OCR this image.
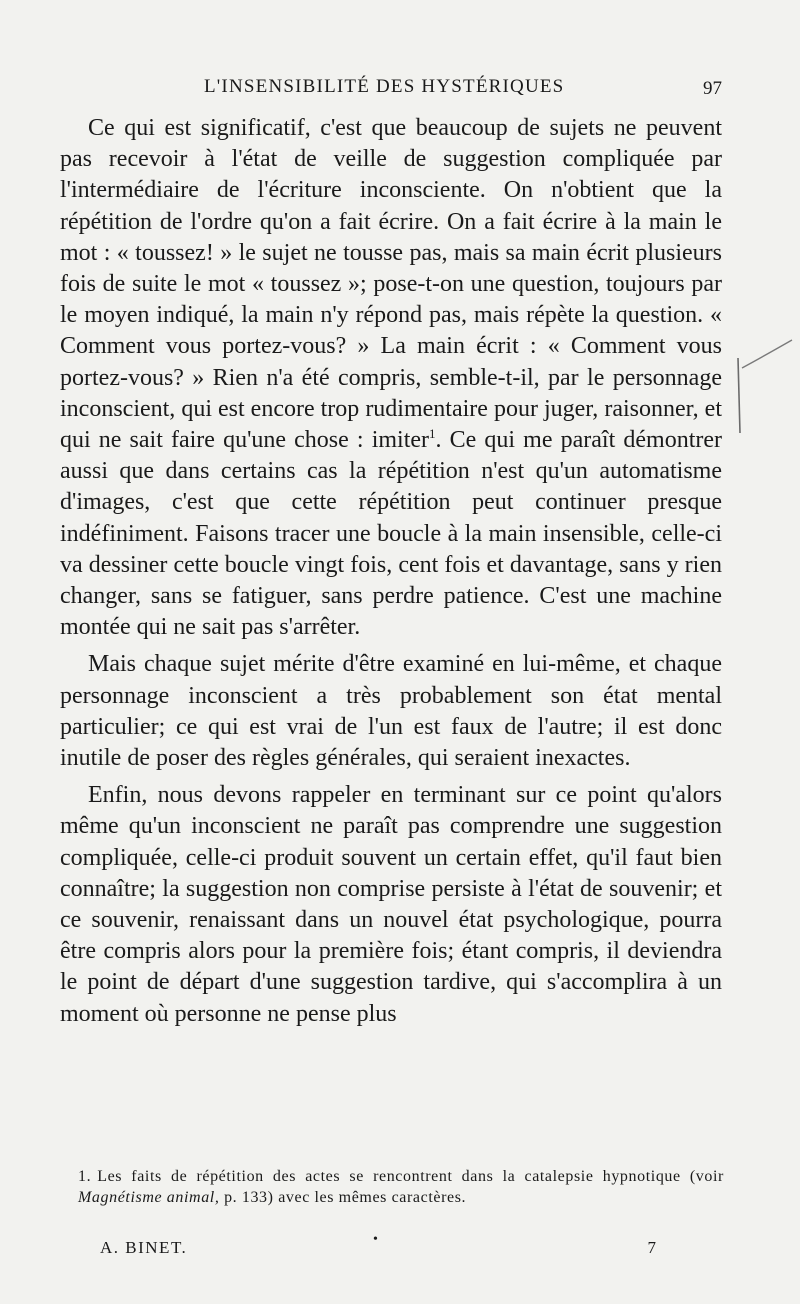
L'INSENSIBILITÉ DES HYSTÉRIQUES	97

Ce qui est significatif, c'est que beaucoup de sujets ne peuvent pas recevoir à l'état de veille de suggestion compliquée par l'intermédiaire de l'écriture inconsciente. On n'obtient que la répétition de l'ordre qu'on a fait écrire. On a fait écrire à la main le mot : « toussez! » le sujet ne tousse pas, mais sa main écrit plusieurs fois de suite le mot « toussez »; pose-t-on une question, toujours par le moyen indiqué, la main n'y répond pas, mais répète la question. « Comment vous portez-vous? » La main écrit : « Comment vous portez-vous? » Rien n'a été compris, semble-t-il, par le personnage inconscient, qui est encore trop rudimentaire pour juger, raisonner, et qui ne sait faire qu'une chose : imiter$^1$. Ce qui me paraît démontrer aussi que dans certains cas la répétition n'est qu'un automatisme d'images, c'est que cette répétition peut continuer presque indéfiniment. Faisons tracer une boucle à la main insensible, celle-ci va dessiner cette boucle vingt fois, cent fois et davantage, sans y rien changer, sans se fatiguer, sans perdre patience. C'est une machine montée qui ne sait pas s'arrêter.

Mais chaque sujet mérite d'être examiné en lui-même, et chaque personnage inconscient a très probablement son état mental particulier; ce qui est vrai de l'un est faux de l'autre; il est donc inutile de poser des règles générales, qui seraient inexactes.

Enfin, nous devons rappeler en terminant sur ce point qu'alors même qu'un inconscient ne paraît pas comprendre une suggestion compliquée, celle-ci produit souvent un certain effet, qu'il faut bien connaître; la suggestion non comprise persiste à l'état de souvenir; et ce souvenir, renaissant dans un nouvel état psychologique, pourra être compris alors pour la première fois; étant compris, il deviendra le point de départ d'une suggestion tardive, qui s'accomplira à un moment où personne ne pense plus

1. Les faits de répétition des actes se rencontrent dans la catalepsie hypnotique (voir Magnétisme animal, p. 133) avec les mêmes caractères.
A. BINET.	•	7
